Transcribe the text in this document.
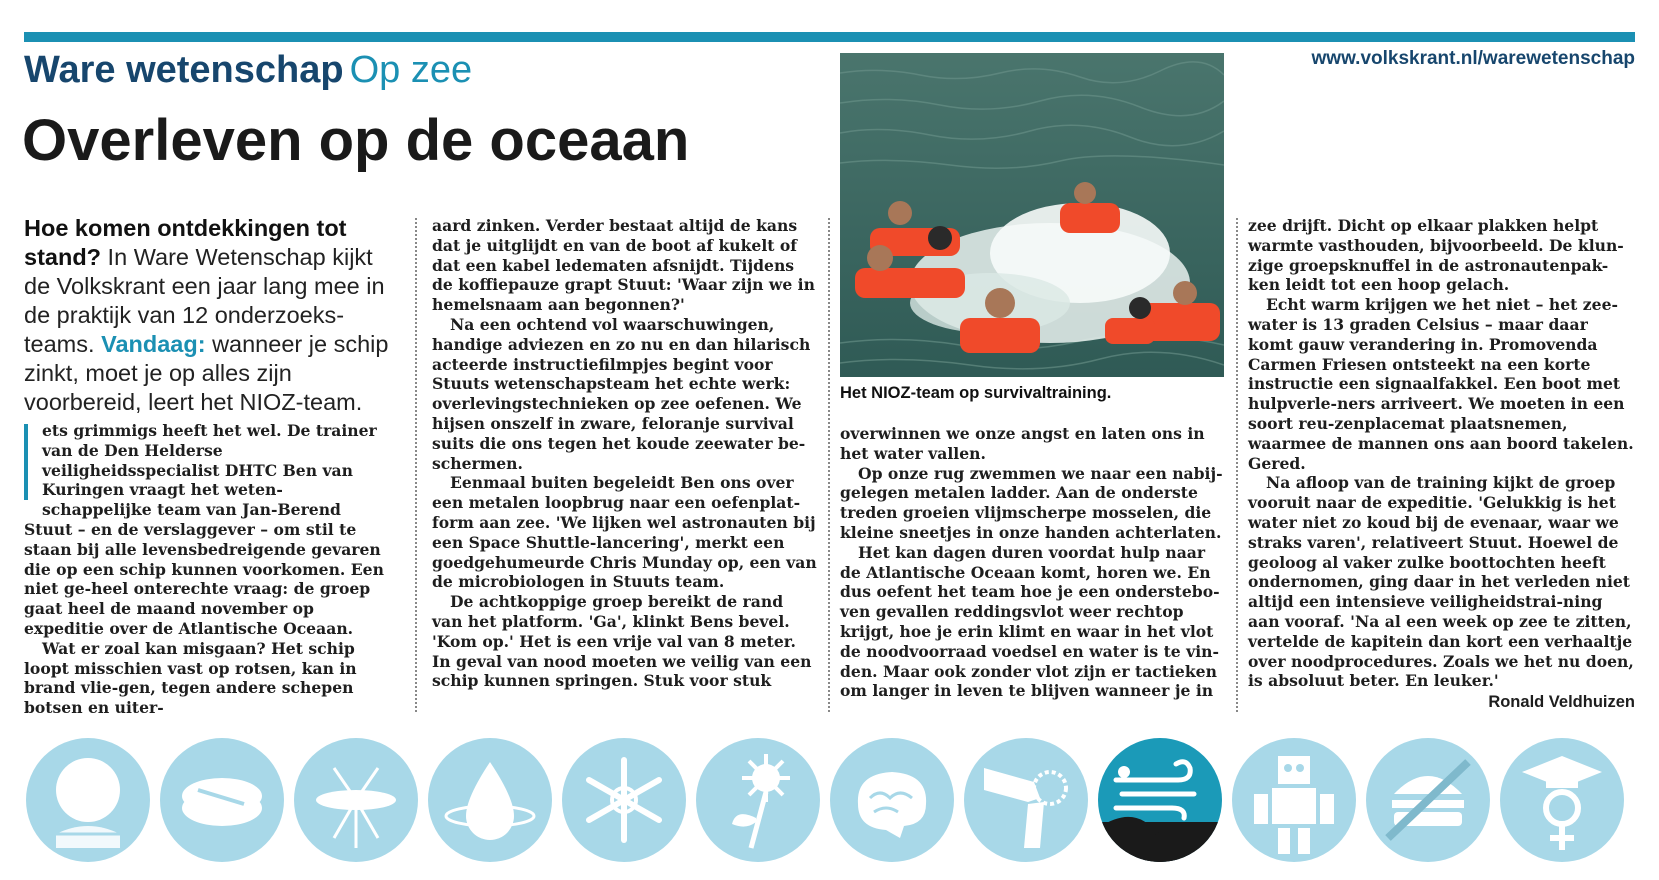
Ware wetenschap Op zee	www.volkskrant.nl/warewetenschap
Overleven op de oceaan
Hoe komen ontdekkingen tot stand? In Ware Wetenschap kijkt de Volkskrant een jaar lang mee in de praktijk van 12 onderzoeks-teams. Vandaag: wanneer je schip zinkt, moet je op alles zijn voorbereid, leert het NIOZ-team.

ets grimmigs heeft het wel. De trainer van de Den Helderse veiligheidsspecialist DHTC Ben van Kuringen vraagt het weten-schappelijke team van Jan-Berend

Stuut – en de verslaggever – om stil te staan bij alle levensbedreigende gevaren die op een schip kunnen voorkomen. Een niet ge-heel onterechte vraag: de groep gaat heel de maand november op expeditie over de Atlantische Oceaan.

Wat er zoal kan misgaan? Het schip loopt misschien vast op rotsen, kan in brand vlie-gen, tegen andere schepen botsen en uiter-

aard zinken. Verder bestaat altijd de kans dat je uitglijdt en van de boot af kukelt of dat een kabel ledematen afsnijdt. Tijdens de koffiepauze grapt Stuut: 'Waar zijn we in hemelsnaam aan begonnen?'

Na een ochtend vol waarschuwingen, handige adviezen en zo nu en dan hilarisch acteerde instructiefilmpjes begint voor Stuuts wetenschapsteam het echte werk: overlevingstechnieken op zee oefenen. We hijsen onszelf in zware, feloranje survival suits die ons tegen het koude zeewater be-schermen.

Eenmaal buiten begeleidt Ben ons over een metalen loopbrug naar een oefenplat-form aan zee. 'We lijken wel astronauten bij een Space Shuttle-lancering', merkt een goedgehumeurde Chris Munday op, een van de microbiologen in Stuuts team.

De achtkoppige groep bereikt de rand van het platform. 'Ga', klinkt Bens bevel. 'Kom op.' Het is een vrije val van 8 meter. In geval van nood moeten we veilig van een schip kunnen springen. Stuk voor stuk

Het NIOZ-team op survivaltraining.

overwinnen we onze angst en laten ons in het water vallen.

Op onze rug zwemmen we naar een nabij-gelegen metalen ladder. Aan de onderste treden groeien vlijmscherpe mosselen, die kleine sneetjes in onze handen achterlaten.

Het kan dagen duren voordat hulp naar de Atlantische Oceaan komt, horen we. En dus oefent het team hoe je een onderstebo-ven gevallen reddingsvlot weer rechtop krijgt, hoe je erin klimt en waar in het vlot de noodvoorraad voedsel en water is te vin-den. Maar ook zonder vlot zijn er tactieken om langer in leven te blijven wanneer je in

zee drijft. Dicht op elkaar plakken helpt warmte vasthouden, bijvoorbeeld. De klun-zige groepsknuffel in de astronautenpak-ken leidt tot een hoop gelach.

Echt warm krijgen we het niet – het zee-water is 13 graden Celsius – maar daar komt gauw verandering in. Promovenda Carmen Friesen ontsteekt na een korte instructie een signaalfakkel. Een boot met hulpverle-ners arriveert. We moeten in een soort reu-zenplacemat plaatsnemen, waarmee de mannen ons aan boord takelen. Gered.

Na afloop van de training kijkt de groep vooruit naar de expeditie. 'Gelukkig is het water niet zo koud bij de evenaar, waar we straks varen', relativeert Stuut. Hoewel de geoloog al vaker zulke boottochten heeft ondernomen, ging daar in het verleden niet altijd een intensieve veiligheidstrai-ning aan vooraf. 'Na al een week op zee te zitten, vertelde de kapitein dan kort een verhaaltje over noodprocedures. Zoals we het nu doen, is absoluut beter. En leuker.'

Ronald Veldhuizen
